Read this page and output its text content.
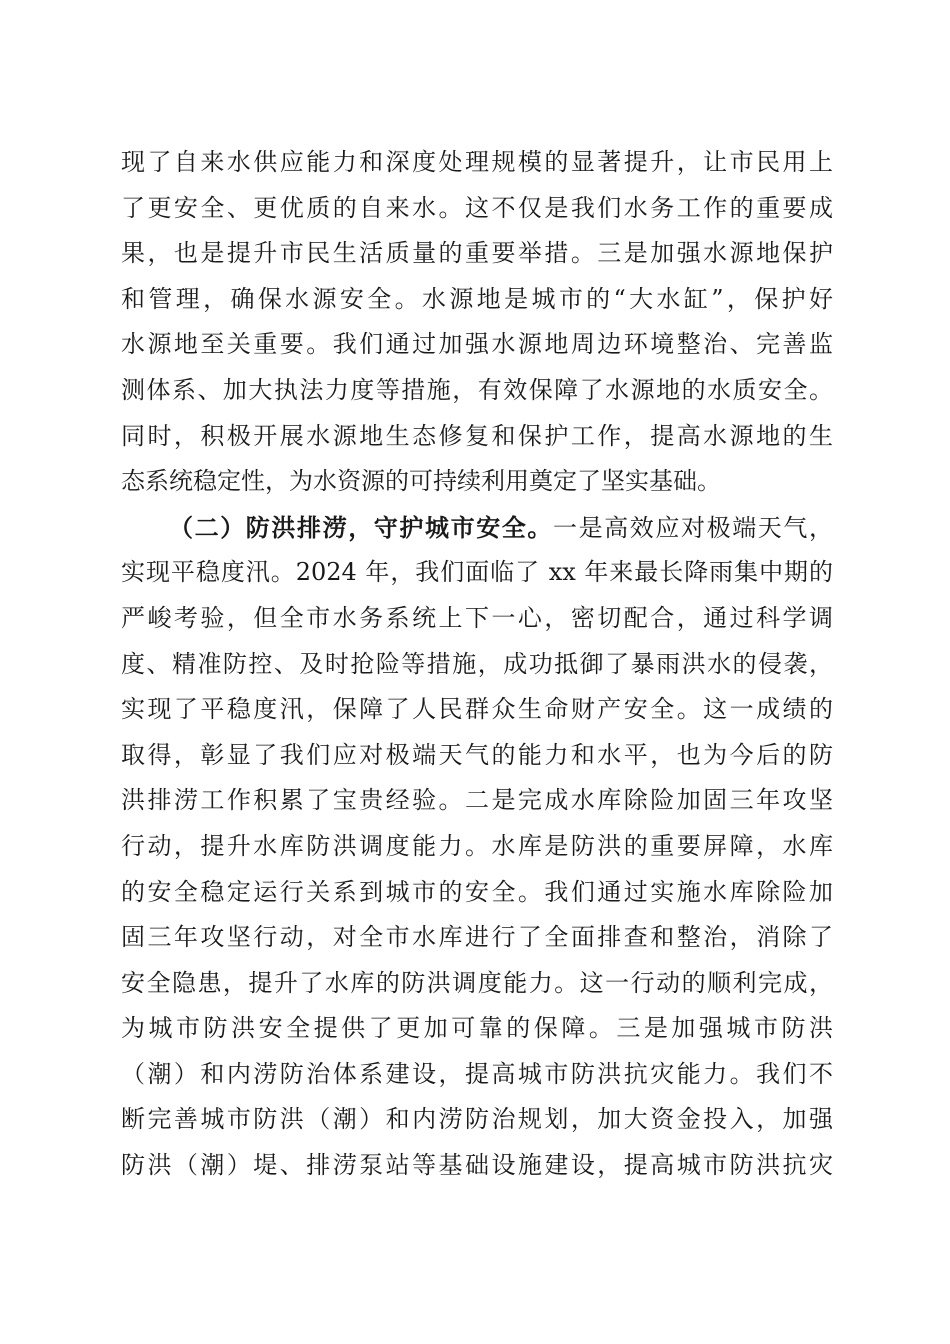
现了自来水供应能力和深度处理规模的显著提升，让市民用上
了更安全、更优质的自来水。这不仅是我们水务工作的重要成
果，也是提升市民生活质量的重要举措。三是加强水源地保护
和管理，确保水源安全。水源地是城市的“大水缸”，保护好
水源地至关重要。我们通过加强水源地周边环境整治、完善监
测体系、加大执法力度等措施，有效保障了水源地的水质安全。
同时，积极开展水源地生态修复和保护工作，提高水源地的生
态系统稳定性，为水资源的可持续利用奠定了坚实基础。
（二）防洪排涝，守护城市安全。一是高效应对极端天气，
实现平稳度汛。2024 年，我们面临了 xx 年来最长降雨集中期的
严峻考验，但全市水务系统上下一心，密切配合，通过科学调
度、精准防控、及时抢险等措施，成功抵御了暴雨洪水的侵袭，
实现了平稳度汛，保障了人民群众生命财产安全。这一成绩的
取得，彰显了我们应对极端天气的能力和水平，也为今后的防
洪排涝工作积累了宝贵经验。二是完成水库除险加固三年攻坚
行动，提升水库防洪调度能力。水库是防洪的重要屏障，水库
的安全稳定运行关系到城市的安全。我们通过实施水库除险加
固三年攻坚行动，对全市水库进行了全面排查和整治，消除了
安全隐患，提升了水库的防洪调度能力。这一行动的顺利完成，
为城市防洪安全提供了更加可靠的保障。三是加强城市防洪
（潮）和内涝防治体系建设，提高城市防洪抗灾能力。我们不
断完善城市防洪（潮）和内涝防治规划，加大资金投入，加强
防洪（潮）堤、排涝泵站等基础设施建设，提高城市防洪抗灾
